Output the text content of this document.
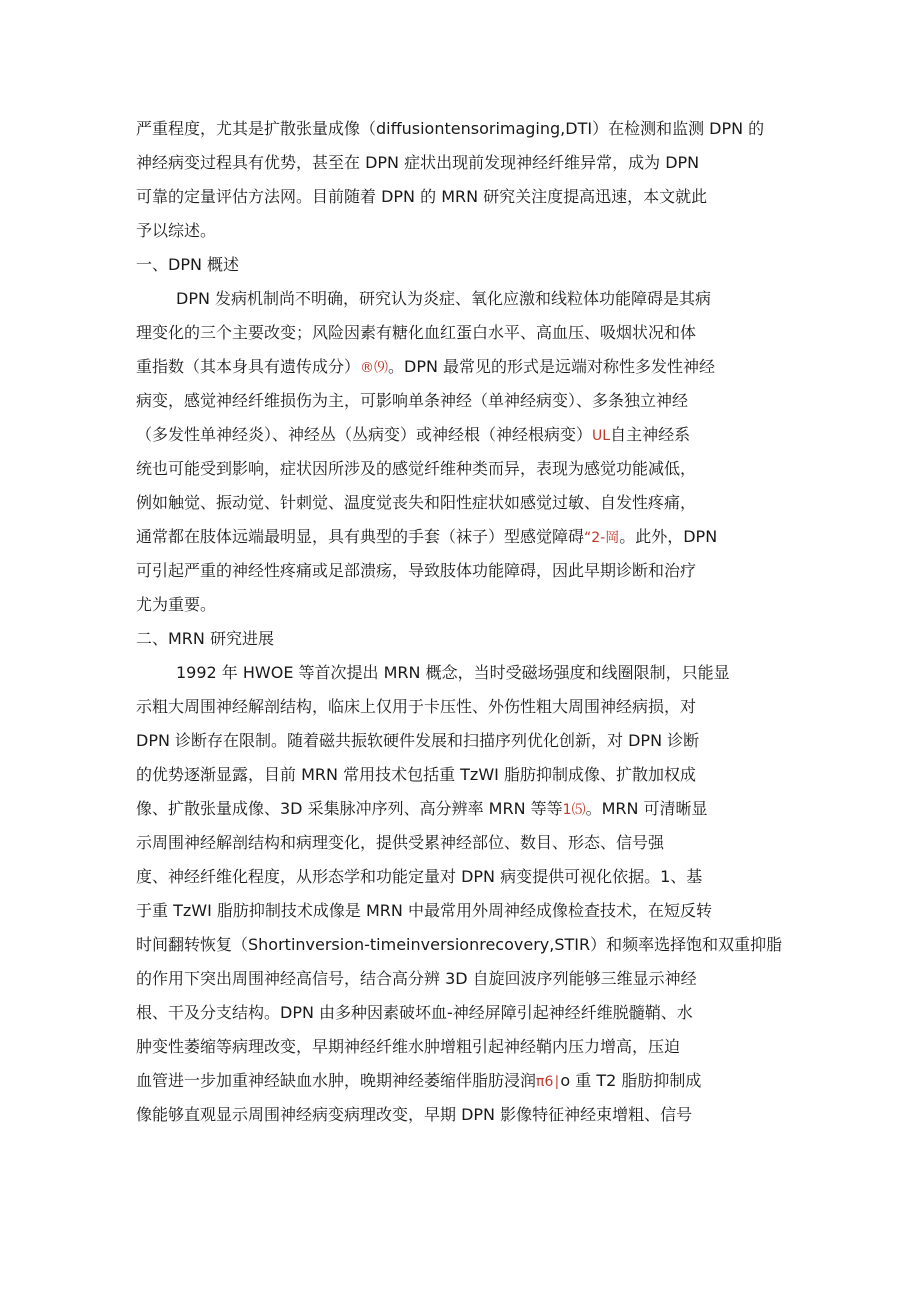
严重程度，尤其是扩散张量成像（diffusiontensorimaging,DTI）在检测和监测 DPN 的
神经病变过程具有优势，甚至在 DPN 症状出现前发现神经纤维异常，成为 DPN
可靠的定量评估方法网。目前随着 DPN 的 MRN 研究关注度提高迅速，本文就此
予以综述。
一、DPN 概述
DPN 发病机制尚不明确，研究认为炎症、氧化应激和线粒体功能障碍是其病
理变化的三个主要改变；风险因素有糖化血红蛋白水平、高血压、吸烟状况和体
重指数（其本身具有遗传成分）®⑼。DPN 最常见的形式是远端对称性多发性神经
病变，感觉神经纤维损伤为主，可影响单条神经（单神经病变）、多条独立神经
（多发性单神经炎）、神经丛（丛病变）或神经根（神经根病变）UL自主神经系
统也可能受到影响，症状因所涉及的感觉纤维种类而异，表现为感觉功能减低，
例如触觉、振动觉、针刺觉、温度觉丧失和阳性症状如感觉过敏、自发性疼痛，
通常都在肢体远端最明显，具有典型的手套（袜子）型感觉障碍“2-岡。此外，DPN
可引起严重的神经性疼痛或足部溃疡，导致肢体功能障碍，因此早期诊断和治疗
尤为重要。
二、MRN 研究进展
1992 年 HWOE 等首次提出 MRN 概念，当时受磁场强度和线圈限制，只能显
示粗大周围神经解剖结构，临床上仅用于卡压性、外伤性粗大周围神经病损，对
DPN 诊断存在限制。随着磁共振软硬件发展和扫描序列优化创新，对 DPN 诊断
的优势逐渐显露，目前 MRN 常用技术包括重 TzWI 脂肪抑制成像、扩散加权成
像、扩散张量成像、3D 采集脉冲序列、高分辨率 MRN 等等1⑸。MRN 可清晰显
示周围神经解剖结构和病理变化，提供受累神经部位、数目、形态、信号强
度、神经纤维化程度，从形态学和功能定量对 DPN 病变提供可视化依据。1、基
于重 TzWI 脂肪抑制技术成像是 MRN 中最常用外周神经成像检查技术，在短反转
时间翻转恢复（Shortinversion-timeinversionrecovery,STIR）和频率选择饱和双重抑脂
的作用下突出周围神经高信号，结合高分辨 3D 自旋回波序列能够三维显示神经
根、干及分支结构。DPN 由多种因素破坏血-神经屏障引起神经纤维脱髓鞘、水
肿变性萎缩等病理改变，早期神经纤维水肿增粗引起神经鞘内压力增高，压迫
血管进一步加重神经缺血水肿，晚期神经萎缩伴脂肪浸润π6∣o 重 T2 脂肪抑制成
像能够直观显示周围神经病变病理改变，早期 DPN 影像特征神经束增粗、信号
